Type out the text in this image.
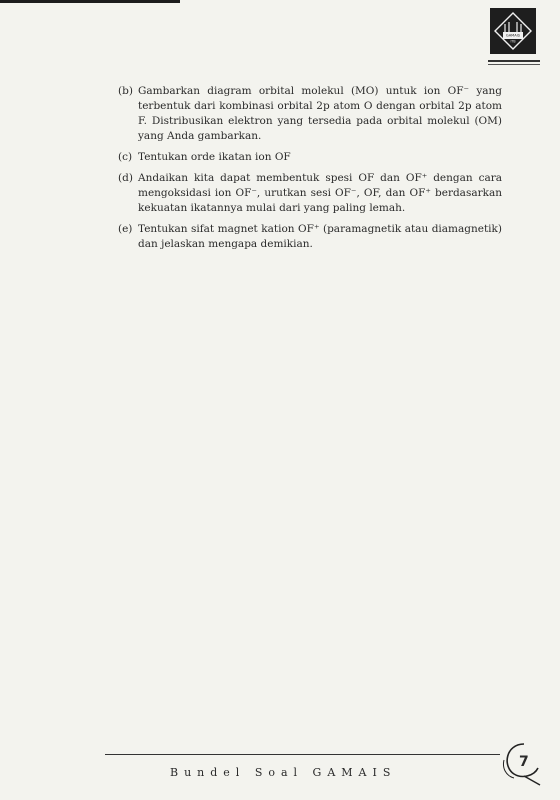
GAMAIS
ITB
(b) Gambarkan diagram orbital molekul (MO) untuk ion OF⁻ yang terbentuk dari kombinasi orbital 2p atom O dengan orbital 2p atom F. Distribusikan elektron yang tersedia pada orbital molekul (OM) yang Anda gambarkan.
(c) Tentukan orde ikatan ion OF
(d) Andaikan kita dapat membentuk spesi OF dan OF⁺ dengan cara mengoksidasi ion OF⁻, urutkan sesi OF⁻, OF, dan OF⁺ berdasarkan kekuatan ikatannya mulai dari yang paling lemah.
(e) Tentukan sifat magnet kation OF⁺ (paramagnetik atau diamagnetik) dan jelaskan mengapa demikian.
Bundel Soal GAMAIS
7
